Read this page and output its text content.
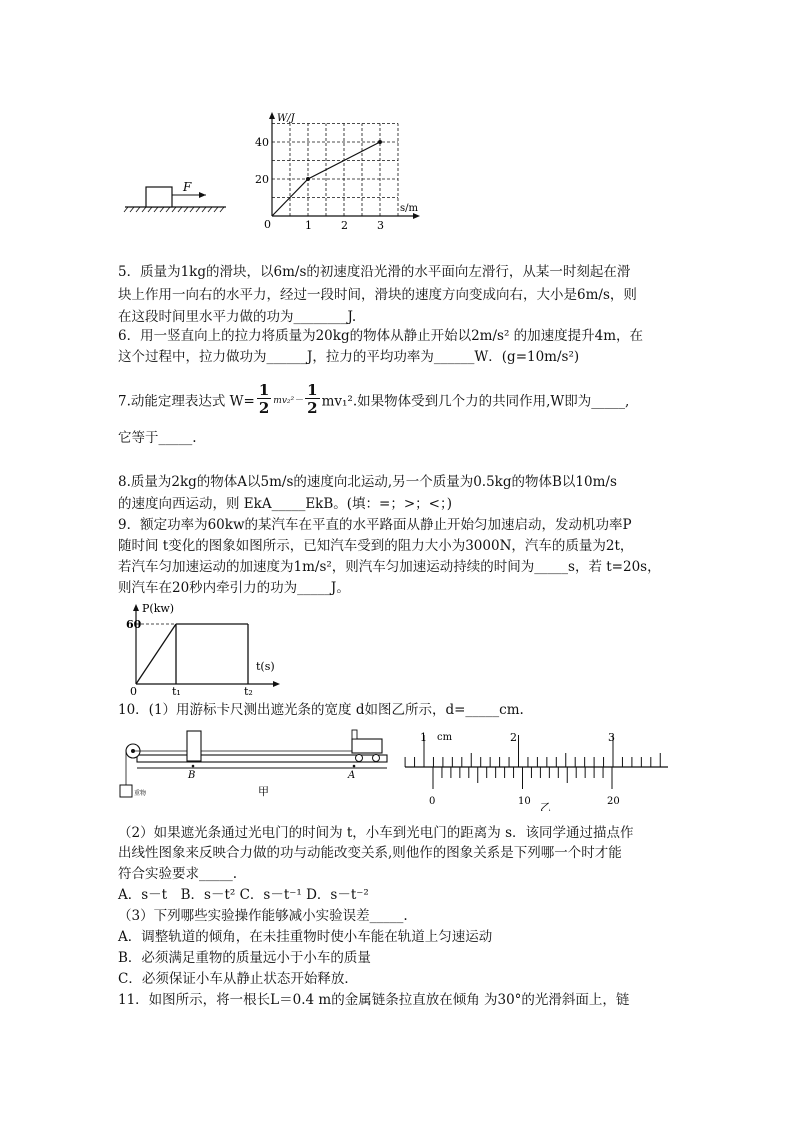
F
W/J
s/m
0	1	2	3
20
40
5．质量为1kg的滑块，以6m/s的初速度沿光滑的水平面向左滑行，从某一时刻起在滑
块上作用一向右的水平力，经过一段时间，滑块的速度方向变成向右，大小是6m/s，则
在这段时间里水平力做的功为________J.
6．用一竖直向上的拉力将质量为20kg的物体从静止开始以2m/s² 的加速度提升4m，在
这个过程中，拉力做功为______J，拉力的平均功率为______W．(g=10m/s²)
7.动能定理表达式 $W= \frac{1}{2} mv_2^2- \frac{1}{2} mv_1^2$.如果物体受到几个力的共同作用,W即为_____,
它等于_____.
8.质量为2kg的物体A以5m/s的速度向北运动,另一个质量为0.5kg的物体B以10m/s
的速度向西运动，则 EkA_____EkB。(填：=；>；<；)
9．额定功率为60kw的某汽车在平直的水平路面从静止开始匀加速启动，发动机功率P
随时间 t变化的图象如图所示，已知汽车受到的阻力大小为3000N，汽车的质量为2t，
若汽车匀加速运动的加速度为1m/s²，则汽车匀加速运动持续的时间为_____s，若 t=20s，
则汽车在20秒内牵引力的功为_____J。
P(kw)
t(s)
60
0	t₁	t₂
10．(1）用游标卡尺测出遮光条的宽度 d如图乙所示，d=_____cm.
重物
B	A
甲
1 cm	2	3
0	10	20
乙
（2）如果遮光条通过光电门的时间为 t，小车到光电门的距离为 s．该同学通过描点作
出线性图象来反映合力做的功与动能改变关系,则他作的图象关系是下列哪一个时才能
符合实验要求_____.
A．s－t　B．s－t² C．s－t⁻¹ D．s－t⁻²
（3）下列哪些实验操作能够减小实验误差_____.
A．调整轨道的倾角，在未挂重物时使小车能在轨道上匀速运动
B．必须满足重物的质量远小于小车的质量
C．必须保证小车从静止状态开始释放．
11．如图所示，将一根长L＝0.4 m的金属链条拉直放在倾角 为30°的光滑斜面上，链
